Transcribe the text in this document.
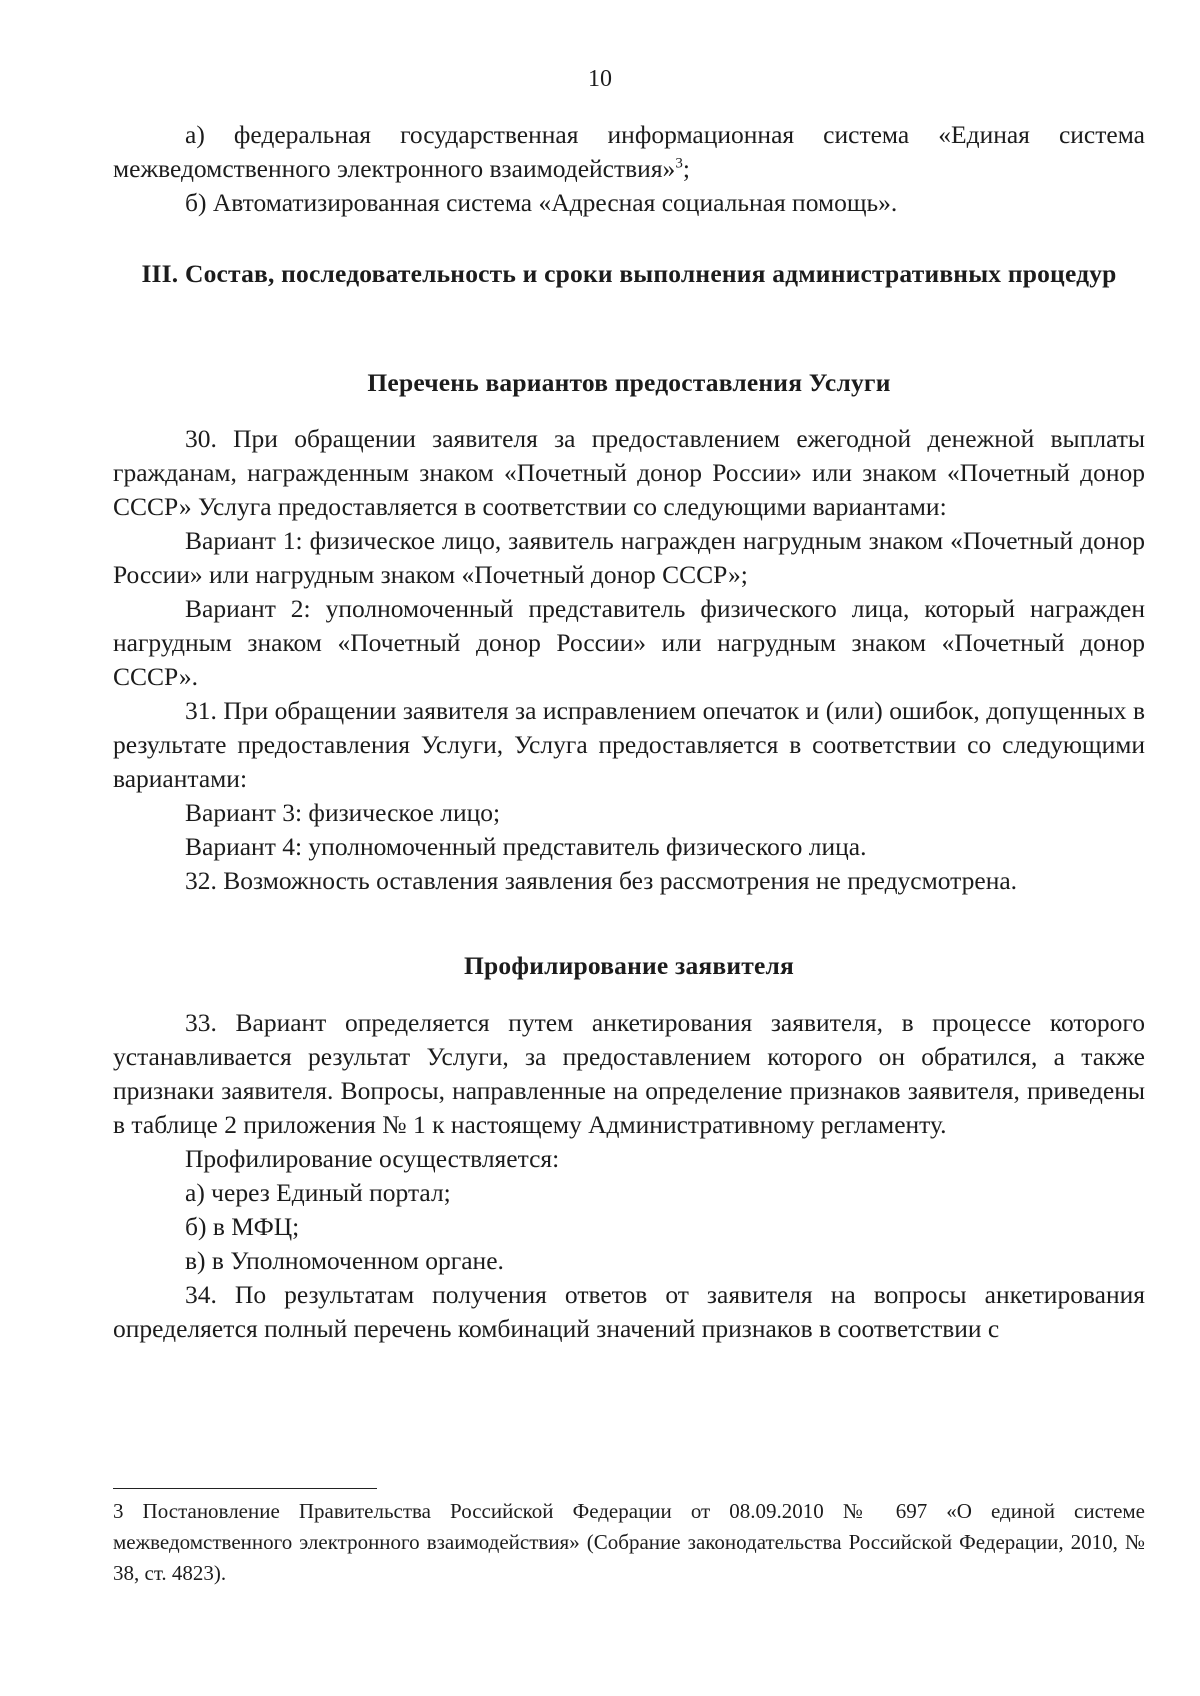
10

а) федеральная государственная информационная система «Единая система межведомственного электронного взаимодействия»$^3$;

б) Автоматизированная система «Адресная социальная помощь».

III. Состав, последовательность и сроки выполнения административных процедур
Перечень вариантов предоставления Услуги

30. При обращении заявителя за предоставлением ежегодной денежной выплаты гражданам, награжденным знаком «Почетный донор России» или знаком «Почетный донор СССР» Услуга предоставляется в соответствии со следующими вариантами:

Вариант 1: физическое лицо, заявитель награжден нагрудным знаком «Почетный донор России» или нагрудным знаком «Почетный донор СССР»;

Вариант 2: уполномоченный представитель физического лица, который награжден нагрудным знаком «Почетный донор России» или нагрудным знаком «Почетный донор СССР».

31. При обращении заявителя за исправлением опечаток и (или) ошибок, допущенных в результате предоставления Услуги, Услуга предоставляется в соответствии со следующими вариантами:

Вариант 3: физическое лицо;

Вариант 4: уполномоченный представитель физического лица.

32. Возможность оставления заявления без рассмотрения не предусмотрена.

Профилирование заявителя

33. Вариант определяется путем анкетирования заявителя, в процессе которого устанавливается результат Услуги, за предоставлением которого он обратился, а также признаки заявителя. Вопросы, направленные на определение признаков заявителя, приведены в таблице 2 приложения № 1 к настоящему Административному регламенту.

Профилирование осуществляется:

а) через Единый портал;

б) в МФЦ;

в) в Уполномоченном органе.

34. По результатам получения ответов от заявителя на вопросы анкетирования определяется полный перечень комбинаций значений признаков в соответствии с

3 Постановление Правительства Российской Федерации от 08.09.2010 № 697 «О единой системе межведомственного электронного взаимодействия» (Собрание законодательства Российской Федерации, 2010, № 38, ст. 4823).
